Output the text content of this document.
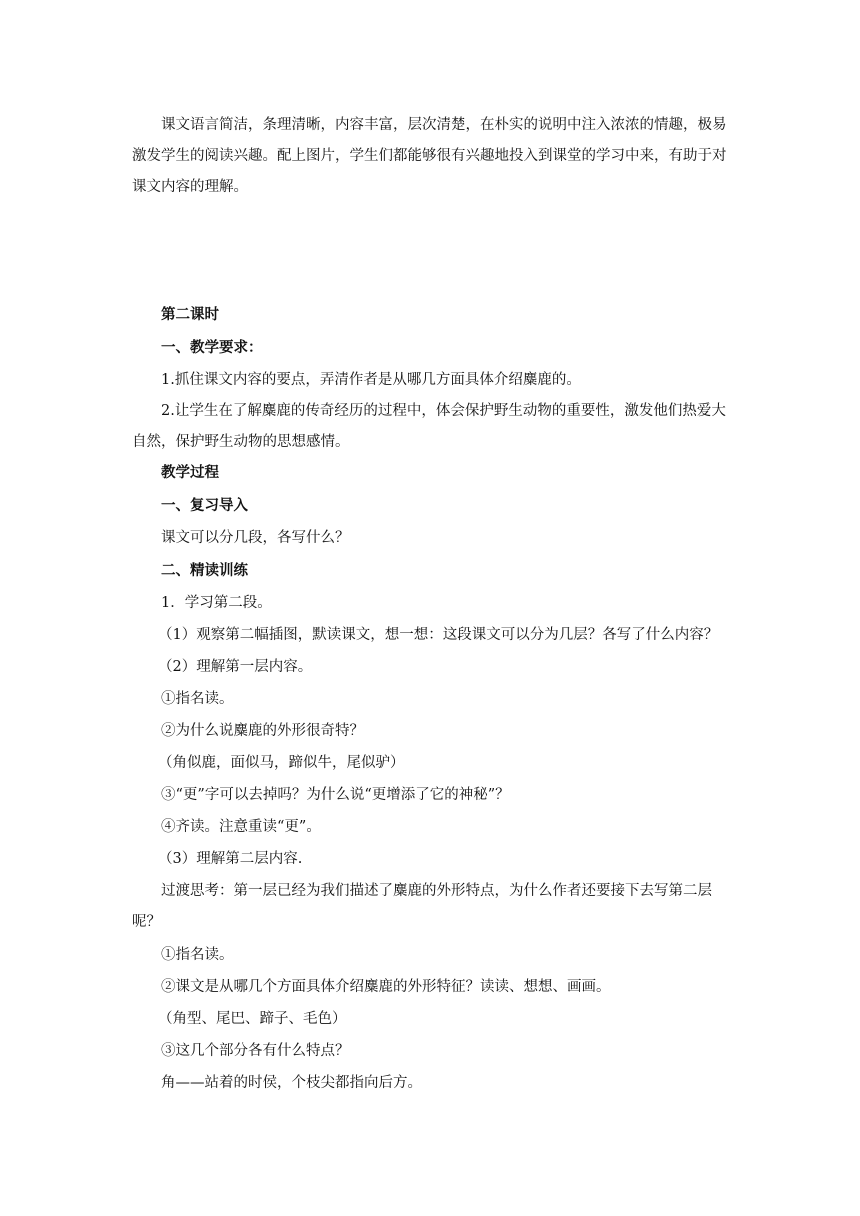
课文语言简洁，条理清晰，内容丰富，层次清楚，在朴实的说明中注入浓浓的情趣，极易激发学生的阅读兴趣。配上图片，学生们都能够很有兴趣地投入到课堂的学习中来，有助于对课文内容的理解。

第二课时

一、教学要求：

1.抓住课文内容的要点，弄清作者是从哪几方面具体介绍麋鹿的。

2.让学生在了解麋鹿的传奇经历的过程中，体会保护野生动物的重要性，激发他们热爱大自然，保护野生动物的思想感情。

教学过程

一、复习导入

课文可以分几段，各写什么？

二、精读训练

1．学习第二段。

（1）观察第二幅插图，默读课文，想一想：这段课文可以分为几层？各写了什么内容？

（2）理解第一层内容。

①指名读。

②为什么说麋鹿的外形很奇特？

（角似鹿，面似马，蹄似牛，尾似驴）

③“更”字可以去掉吗？为什么说“更增添了它的神秘”？

④齐读。注意重读“更”。

（3）理解第二层内容.

过渡思考：第一层已经为我们描述了麋鹿的外形特点，为什么作者还要接下去写第二层呢？

①指名读。

②课文是从哪几个方面具体介绍麋鹿的外形特征？读读、想想、画画。

（角型、尾巴、蹄子、毛色）

③这几个部分各有什么特点？

角——站着的时侯，个枝尖都指向后方。
